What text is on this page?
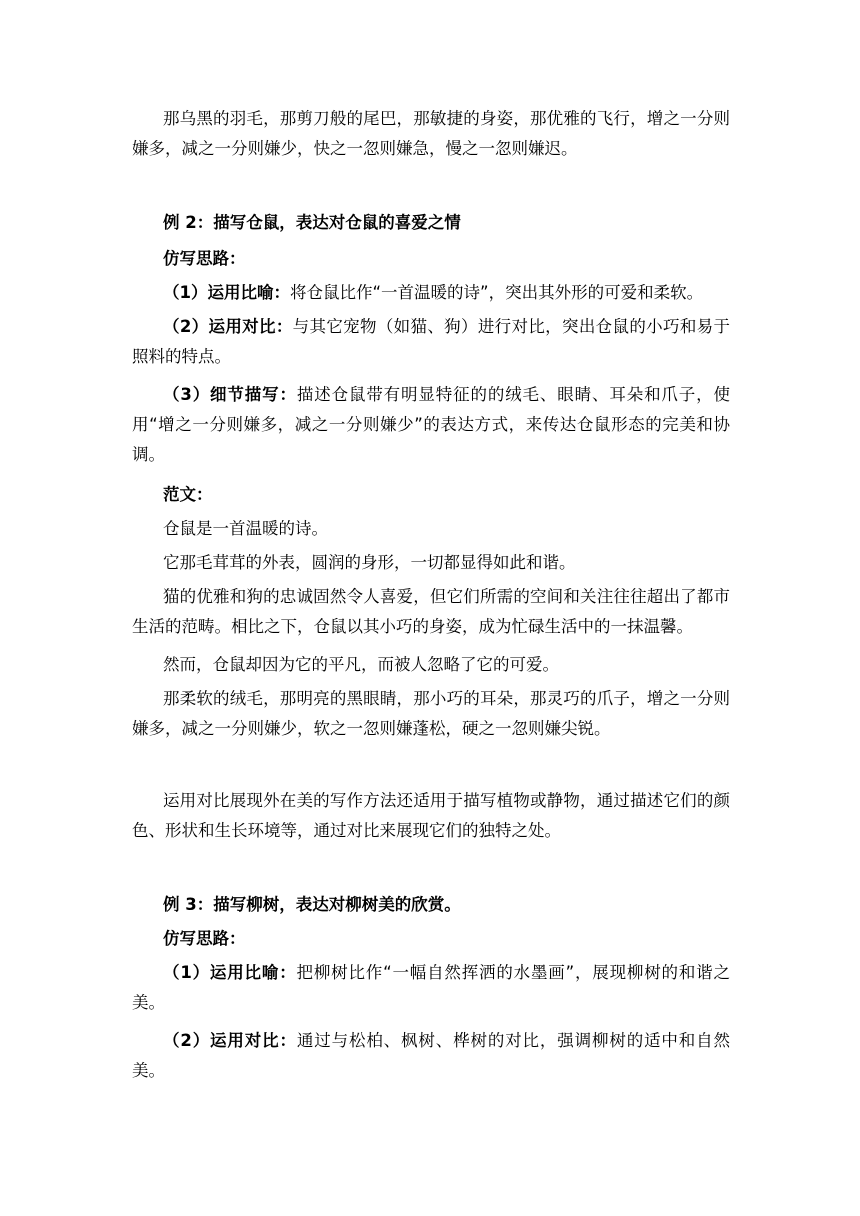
那乌黑的羽毛，那剪刀般的尾巴，那敏捷的身姿，那优雅的飞行，增之一分则嫌多，减之一分则嫌少，快之一忽则嫌急，慢之一忽则嫌迟。

例 2：描写仓鼠，表达对仓鼠的喜爱之情

仿写思路：

（1）运用比喻：将仓鼠比作“一首温暖的诗”，突出其外形的可爱和柔软。

（2）运用对比：与其它宠物（如猫、狗）进行对比，突出仓鼠的小巧和易于照料的特点。

（3）细节描写：描述仓鼠带有明显特征的的绒毛、眼睛、耳朵和爪子，使用“增之一分则嫌多，减之一分则嫌少”的表达方式，来传达仓鼠形态的完美和协调。

范文：

仓鼠是一首温暖的诗。

它那毛茸茸的外表，圆润的身形，一切都显得如此和谐。

猫的优雅和狗的忠诚固然令人喜爱，但它们所需的空间和关注往往超出了都市生活的范畴。相比之下，仓鼠以其小巧的身姿，成为忙碌生活中的一抹温馨。

然而，仓鼠却因为它的平凡，而被人忽略了它的可爱。

那柔软的绒毛，那明亮的黑眼睛，那小巧的耳朵，那灵巧的爪子，增之一分则嫌多，减之一分则嫌少，软之一忽则嫌蓬松，硬之一忽则嫌尖锐。

运用对比展现外在美的写作方法还适用于描写植物或静物，通过描述它们的颜色、形状和生长环境等，通过对比来展现它们的独特之处。

例 3：描写柳树，表达对柳树美的欣赏。

仿写思路：

（1）运用比喻：把柳树比作“一幅自然挥洒的水墨画”，展现柳树的和谐之美。

（2）运用对比：通过与松柏、枫树、桦树的对比，强调柳树的适中和自然美。
